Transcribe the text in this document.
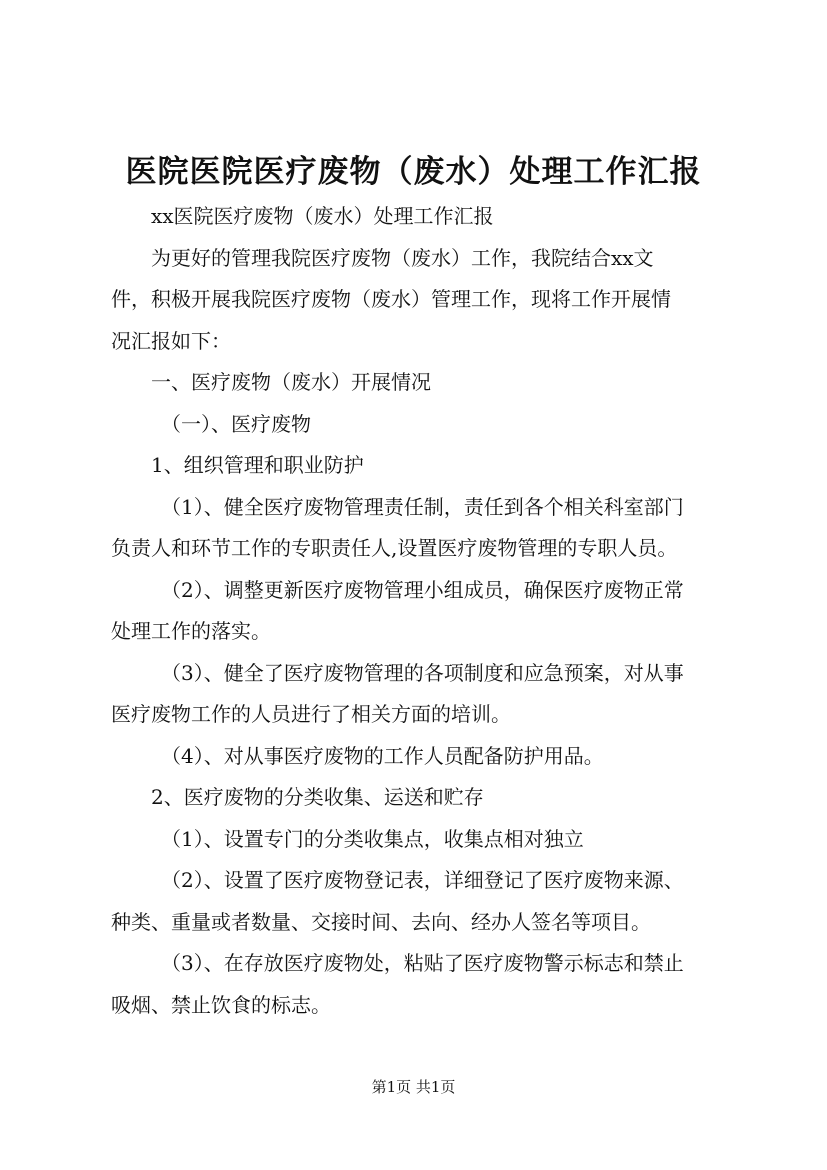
医院医院医疗废物（废水）处理工作汇报
xx医院医疗废物（废水）处理工作汇报
为更好的管理我院医疗废物（废水）工作，我院结合xx文
件，积极开展我院医疗废物（废水）管理工作，现将工作开展情
况汇报如下：
一、医疗废物（废水）开展情况
（一）、医疗废物
1、组织管理和职业防护
（1）、健全医疗废物管理责任制，责任到各个相关科室部门
负责人和环节工作的专职责任人,设置医疗废物管理的专职人员。
（2）、调整更新医疗废物管理小组成员，确保医疗废物正常
处理工作的落实。
（3）、健全了医疗废物管理的各项制度和应急预案，对从事
医疗废物工作的人员进行了相关方面的培训。
（4）、对从事医疗废物的工作人员配备防护用品。
2、医疗废物的分类收集、运送和贮存
（1）、设置专门的分类收集点，收集点相对独立
（2）、设置了医疗废物登记表，详细登记了医疗废物来源、
种类、重量或者数量、交接时间、去向、经办人签名等项目。
（3）、在存放医疗废物处，粘贴了医疗废物警示标志和禁止
吸烟、禁止饮食的标志。
第1页 共1页
